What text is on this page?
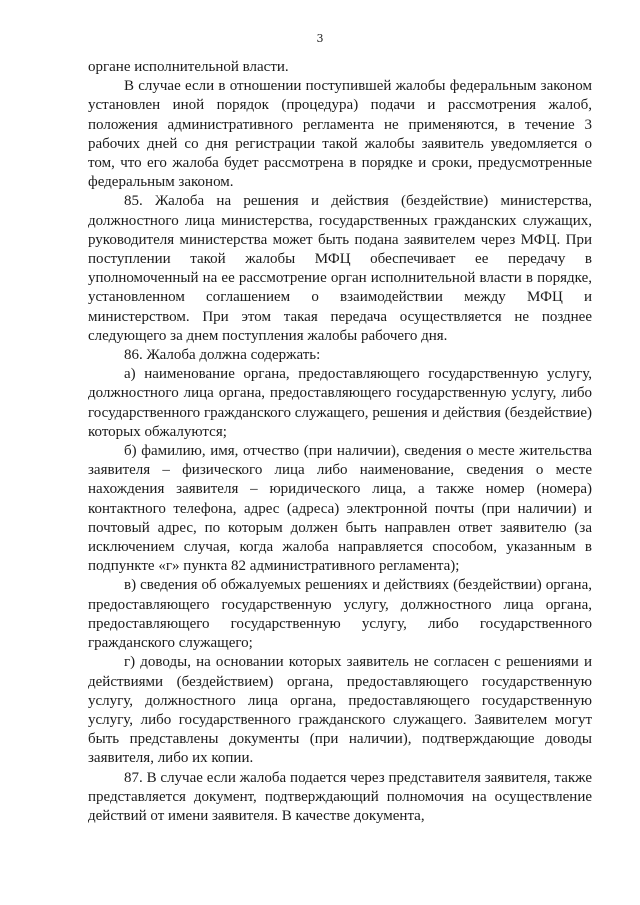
3

органе исполнительной власти.

В случае если в отношении поступившей жалобы федеральным законом установлен иной порядок (процедура) подачи и рассмотрения жалоб, положения административного регламента не применяются, в течение 3 рабочих дней со дня регистрации такой жалобы заявитель уведомляется о том, что его жалоба будет рассмотрена в порядке и сроки, предусмотренные федеральным законом.

85. Жалоба на решения и действия (бездействие) министерства, должностного лица министерства, государственных гражданских служащих, руководителя министерства может быть подана заявителем через МФЦ. При поступлении такой жалобы МФЦ обеспечивает ее передачу в уполномоченный на ее рассмотрение орган исполнительной власти в порядке, установленном соглашением о взаимодействии между МФЦ и министерством. При этом такая передача осуществляется не позднее следующего за днем поступления жалобы рабочего дня.

86. Жалоба должна содержать:

а) наименование органа, предоставляющего государственную услугу, должностного лица органа, предоставляющего государственную услугу, либо государственного гражданского служащего, решения и действия (бездействие) которых обжалуются;

б) фамилию, имя, отчество (при наличии), сведения о месте жительства заявителя – физического лица либо наименование, сведения о месте нахождения заявителя – юридического лица, а также номер (номера) контактного телефона, адрес (адреса) электронной почты (при наличии) и почтовый адрес, по которым должен быть направлен ответ заявителю (за исключением случая, когда жалоба направляется способом, указанным в подпункте «г» пункта 82 административного регламента);

в) сведения об обжалуемых решениях и действиях (бездействии) органа, предоставляющего государственную услугу, должностного лица органа, предоставляющего государственную услугу, либо государственного гражданского служащего;

г) доводы, на основании которых заявитель не согласен с решениями и действиями (бездействием) органа, предоставляющего государственную услугу, должностного лица органа, предоставляющего государственную услугу, либо государственного гражданского служащего. Заявителем могут быть представлены документы (при наличии), подтверждающие доводы заявителя, либо их копии.

87. В случае если жалоба подается через представителя заявителя, также представляется документ, подтверждающий полномочия на осуществление действий от имени заявителя. В качестве документа,
